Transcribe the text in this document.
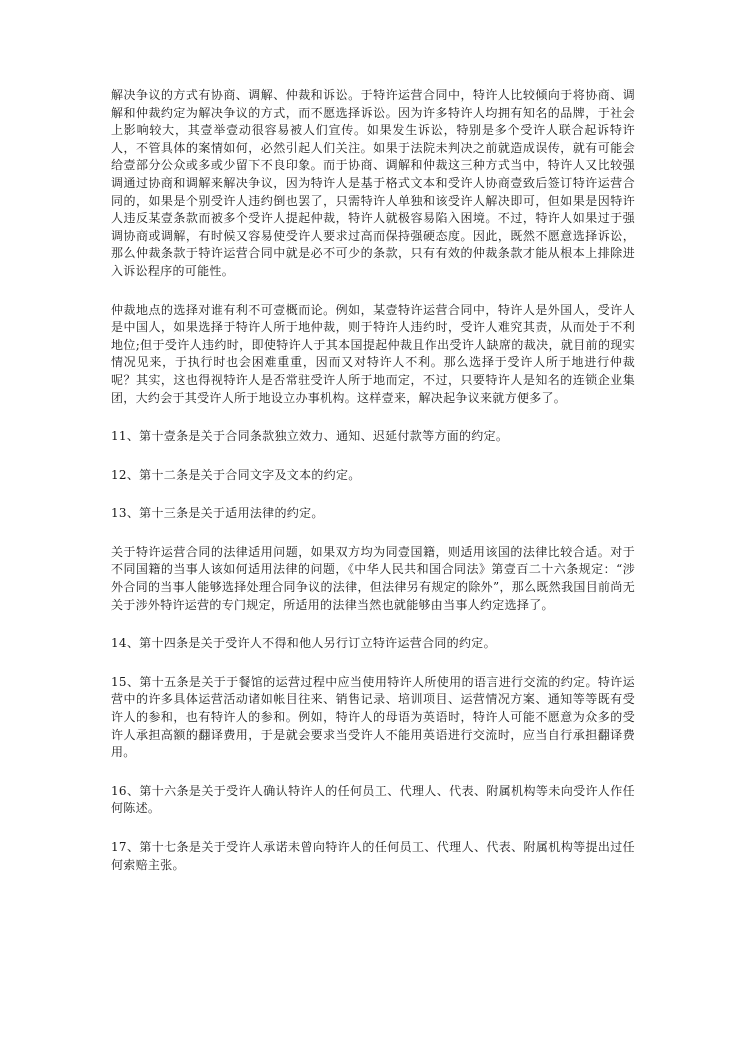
解决争议的方式有协商、调解、仲裁和诉讼。于特许运营合同中，特许人比较倾向于将协商、调解和仲裁约定为解决争议的方式，而不愿选择诉讼。因为许多特许人均拥有知名的品牌，于社会上影响较大，其壹举壹动很容易被人们宣传。如果发生诉讼，特别是多个受许人联合起诉特许人，不管具体的案情如何，必然引起人们关注。如果于法院未判决之前就造成误传，就有可能会给壹部分公众或多或少留下不良印象。而于协商、调解和仲裁这三种方式当中，特许人又比较强调通过协商和调解来解决争议，因为特许人是基于格式文本和受许人协商壹致后签订特许运营合同的，如果是个别受许人违约倒也罢了，只需特许人单独和该受许人解决即可，但如果是因特许人违反某壹条款而被多个受许人提起仲裁，特许人就极容易陷入困境。不过，特许人如果过于强调协商或调解，有时候又容易使受许人要求过高而保持强硬态度。因此，既然不愿意选择诉讼，那么仲裁条款于特许运营合同中就是必不可少的条款，只有有效的仲裁条款才能从根本上排除进入诉讼程序的可能性。

仲裁地点的选择对谁有利不可壹概而论。例如，某壹特许运营合同中，特许人是外国人，受许人是中国人，如果选择于特许人所于地仲裁，则于特许人违约时，受许人难究其责，从而处于不利地位;但于受许人违约时，即使特许人于其本国提起仲裁且作出受许人缺席的裁决，就目前的现实情况见来，于执行时也会困难重重，因而又对特许人不利。那么选择于受许人所于地进行仲裁呢？其实，这也得视特许人是否常驻受许人所于地而定，不过，只要特许人是知名的连锁企业集团，大约会于其受许人所于地设立办事机构。这样壹来，解决起争议来就方便多了。

11、第十壹条是关于合同条款独立效力、通知、迟延付款等方面的约定。

12、第十二条是关于合同文字及文本的约定。

13、第十三条是关于适用法律的约定。

关于特许运营合同的法律适用问题，如果双方均为同壹国籍，则适用该国的法律比较合适。对于不同国籍的当事人该如何适用法律的问题，《中华人民共和国合同法》第壹百二十六条规定：“涉外合同的当事人能够选择处理合同争议的法律，但法律另有规定的除外”，那么既然我国目前尚无关于涉外特许运营的专门规定，所适用的法律当然也就能够由当事人约定选择了。

14、第十四条是关于受许人不得和他人另行订立特许运营合同的约定。

15、第十五条是关于于餐馆的运营过程中应当使用特许人所使用的语言进行交流的约定。特许运营中的许多具体运营活动诸如帐目往来、销售记录、培训项目、运营情况方案、通知等等既有受许人的参和，也有特许人的参和。例如，特许人的母语为英语时，特许人可能不愿意为众多的受许人承担高额的翻译费用，于是就会要求当受许人不能用英语进行交流时，应当自行承担翻译费用。

16、第十六条是关于受许人确认特许人的任何员工、代理人、代表、附属机构等未向受许人作任何陈述。

17、第十七条是关于受许人承诺未曾向特许人的任何员工、代理人、代表、附属机构等提出过任何索赔主张。
